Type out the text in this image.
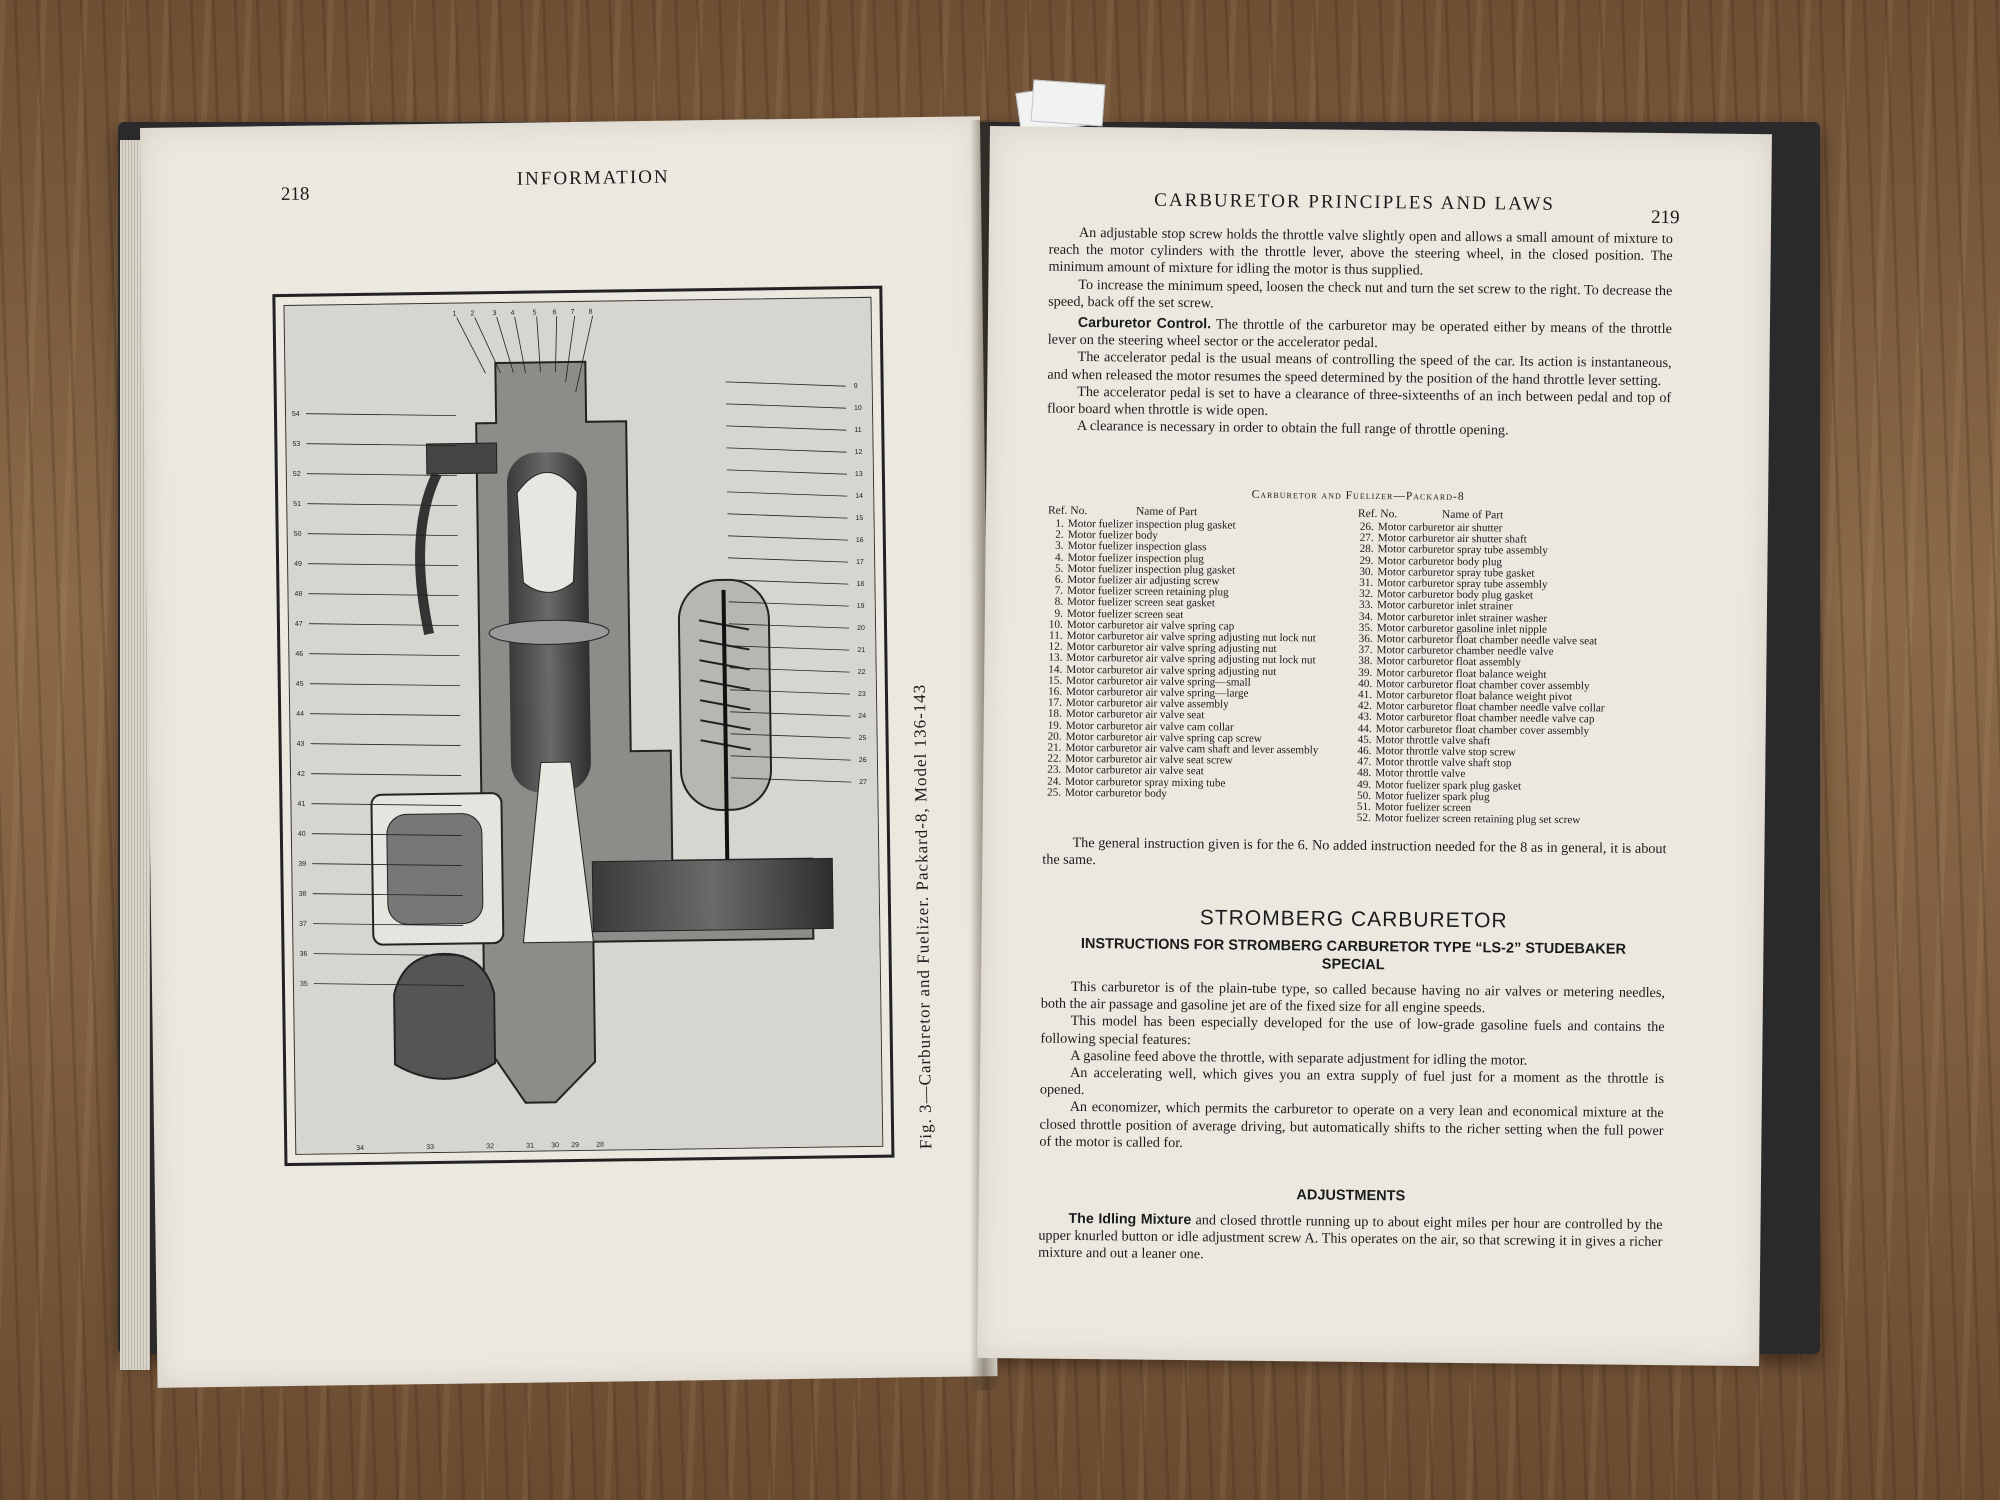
218
INFORMATION
1 2	3 4	5 6 7 8
9
10
11
12
13
14
15
16
17
18
19
20
21
22
23
24
25
26
27
54
53
52
51
50
49
48
47
46
45
44
43
42
41
40
39
38
37
36
35
34	33	32	31 30 29 28	Fig. 3—Carburetor and Fuelizer. Packard-8, Model 136-143
CARBURETOR PRINCIPLES AND LAWS
219

An adjustable stop screw holds the throttle valve slightly open and allows a small amount of mixture to reach the motor cylinders with the throttle lever, above the steering wheel, in the closed position. The minimum amount of mixture for idling the motor is thus supplied.

To increase the minimum speed, loosen the check nut and turn the set screw to the right. To decrease the speed, back off the set screw.

Carburetor Control. The throttle of the carburetor may be operated either by means of the throttle lever on the steering wheel sector or the accelerator pedal.

The accelerator pedal is the usual means of controlling the speed of the car. Its action is instantaneous, and when released the motor resumes the speed determined by the position of the hand throttle lever setting.

The accelerator pedal is set to have a clearance of three-sixteenths of an inch between pedal and top of floor board when throttle is wide open.

A clearance is necessary in order to obtain the full range of throttle opening.

Carburetor and Fuelizer—Packard-8
Ref. No.	Name of Part	Ref. No.	Name of Part
1. Motor fuelizer inspection plug gasket
2. Motor fuelizer body
3. Motor fuelizer inspection glass
4. Motor fuelizer inspection plug
5. Motor fuelizer inspection plug gasket
6. Motor fuelizer air adjusting screw
7. Motor fuelizer screen retaining plug
8. Motor fuelizer screen seat gasket
9. Motor fuelizer screen seat
10. Motor carburetor air valve spring cap
11. Motor carburetor air valve spring adjusting nut lock nut
12. Motor carburetor air valve spring adjusting nut
13. Motor carburetor air valve spring adjusting nut lock nut
14. Motor carburetor air valve spring adjusting nut
15. Motor carburetor air valve spring—small
16. Motor carburetor air valve spring—large
17. Motor carburetor air valve assembly
18. Motor carburetor air valve seat
19. Motor carburetor air valve cam collar
20. Motor carburetor air valve spring cap screw
21. Motor carburetor air valve cam shaft and lever assembly
22. Motor carburetor air valve seat screw
23. Motor carburetor air valve seat
24. Motor carburetor spray mixing tube
25. Motor carburetor body
26. Motor carburetor air shutter
27. Motor carburetor air shutter shaft
28. Motor carburetor spray tube assembly
29. Motor carburetor body plug
30. Motor carburetor spray tube gasket
31. Motor carburetor spray tube assembly
32. Motor carburetor body plug gasket
33. Motor carburetor inlet strainer
34. Motor carburetor inlet strainer washer
35. Motor carburetor gasoline inlet nipple
36. Motor carburetor float chamber needle valve seat
37. Motor carburetor chamber needle valve
38. Motor carburetor float assembly
39. Motor carburetor float balance weight
40. Motor carburetor float chamber cover assembly
41. Motor carburetor float balance weight pivot
42. Motor carburetor float chamber needle valve collar
43. Motor carburetor float chamber needle valve cap
44. Motor carburetor float chamber cover assembly
45. Motor throttle valve shaft
46. Motor throttle valve stop screw
47. Motor throttle valve shaft stop
48. Motor throttle valve
49. Motor fuelizer spark plug gasket
50. Motor fuelizer spark plug
51. Motor fuelizer screen
52. Motor fuelizer screen retaining plug set screw

The general instruction given is for the 6. No added instruction needed for the 8 as in general, it is about the same.

STROMBERG CARBURETOR
INSTRUCTIONS FOR STROMBERG CARBURETOR TYPE “LS-2” STUDEBAKER SPECIAL

This carburetor is of the plain-tube type, so called because having no air valves or metering needles, both the air passage and gasoline jet are of the fixed size for all engine speeds.

This model has been especially developed for the use of low-grade gasoline fuels and contains the following special features:

A gasoline feed above the throttle, with separate adjustment for idling the motor.

An accelerating well, which gives you an extra supply of fuel just for a moment as the throttle is opened.

An economizer, which permits the carburetor to operate on a very lean and economical mixture at the closed throttle position of average driving, but automatically shifts to the richer setting when the full power of the motor is called for.

ADJUSTMENTS

The Idling Mixture and closed throttle running up to about eight miles per hour are controlled by the upper knurled button or idle adjustment screw A. This operates on the air, so that screwing it in gives a richer mixture and out a leaner one.
